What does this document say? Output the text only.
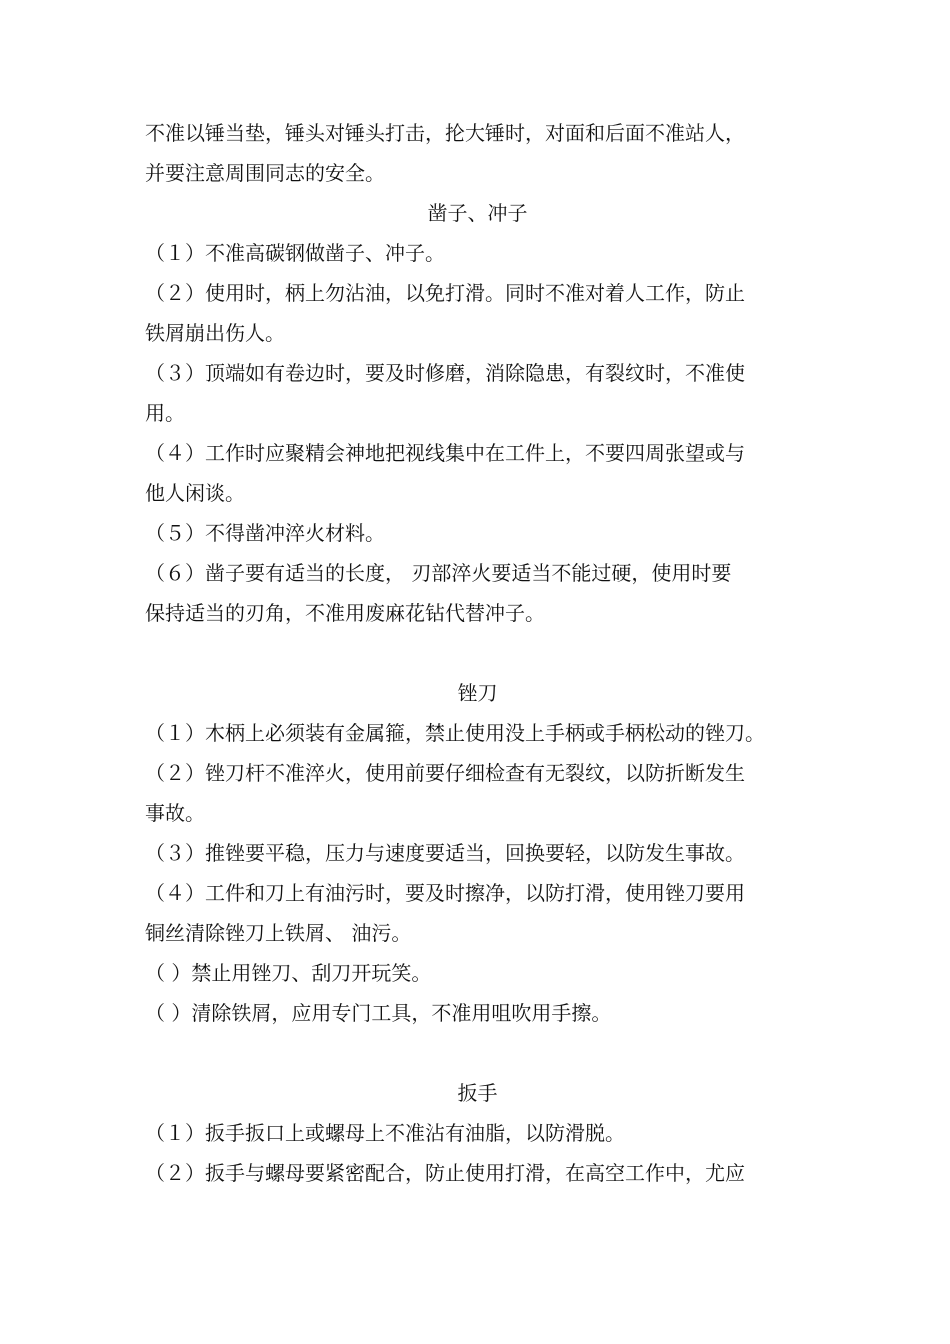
不准以锤当垫，锤头对锤头打击，抡大锤时，对面和后面不准站人，
并要注意周围同志的安全。
凿子、冲子
（１）不准高碳钢做凿子、冲子。
（２）使用时，柄上勿沾油，以免打滑。同时不准对着人工作，防止
铁屑崩出伤人。
（３）顶端如有卷边时，要及时修磨，消除隐患，有裂纹时，不准使
用。
（４）工作时应聚精会神地把视线集中在工件上，不要四周张望或与
他人闲谈。
（５）不得凿冲淬火材料。
（６）凿子要有适当的长度， 刃部淬火要适当不能过硬，使用时要
保持适当的刃角，不准用废麻花钻代替冲子。
锉刀
（１）木柄上必须装有金属箍，禁止使用没上手柄或手柄松动的锉刀。
（２）锉刀杆不准淬火，使用前要仔细检查有无裂纹，以防折断发生
事故。
（３）推锉要平稳，压力与速度要适当，回换要轻，以防发生事故。
（４）工件和刀上有油污时，要及时擦净，以防打滑，使用锉刀要用
铜丝清除锉刀上铁屑、 油污。
（ ）禁止用锉刀、刮刀开玩笑。
（ ）清除铁屑，应用专门工具，不准用咀吹用手擦。
扳手
（１）扳手扳口上或螺母上不准沾有油脂，以防滑脱。
（２）扳手与螺母要紧密配合，防止使用打滑，在高空工作中，尤应
